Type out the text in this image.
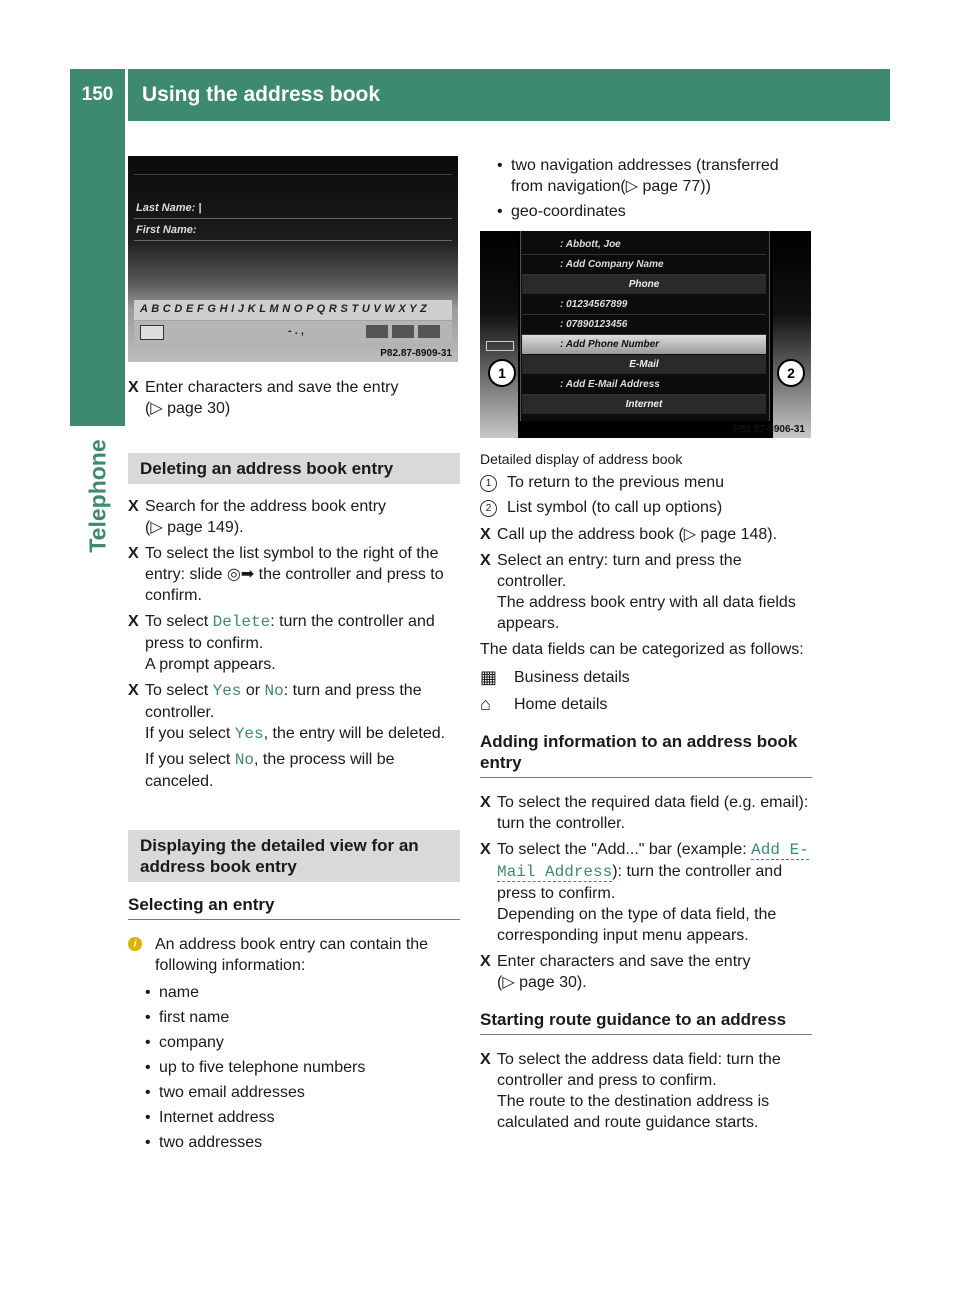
150	Using the address book
Telephone
Last Name: |
First Name:
A B C D E F G H I J K L M N O P Q R S T U V W X Y Z
- . ,
P82.87-8909-31
X Enter characters and save the entry

(▷ page 30)

Deleting an address book entry
X Search for the address book entry

(▷ page 149).

X To select the list symbol to the right of the entry: slide ◎➡ the controller and press to confirm.

X To select Delete: turn the controller and press to confirm.

A prompt appears.

X To select Yes or No: turn and press the controller.

If you select Yes, the entry will be deleted.

If you select No, the process will be canceled.

Displaying the detailed view for an address book entry
Selecting an entry

i	An address book entry can contain the following information:

• name
• first name
• company
• up to five telephone numbers
• two email addresses
• Internet address
• two addresses
• two navigation addresses (transferred from navigation(▷ page 77))
• geo-coordinates
: Abbott, Joe
: Add Company Name
Phone
: 01234567899
: 07890123456
: Add Phone Number
E-Mail
: Add E-Mail Address
Internet
1	2
P82.87-8906-31

Detailed display of address book

1 To return to the previous menu

2 List symbol (to call up options)

X Call up the address book (▷ page 148).

X Select an entry: turn and press the controller.

The address book entry with all data fields appears.

The data fields can be categorized as follows:

▦ Business details
⌂ Home details
Adding information to an address book entry
X To select the required data field (e.g. email): turn the controller.

X To select the "Add..." bar (example: Add E-Mail Address): turn the controller and press to confirm.

Depending on the type of data field, the corresponding input menu appears.

X Enter characters and save the entry

(▷ page 30).

Starting route guidance to an address
X To select the address data field: turn the controller and press to confirm.

The route to the destination address is calculated and route guidance starts.
